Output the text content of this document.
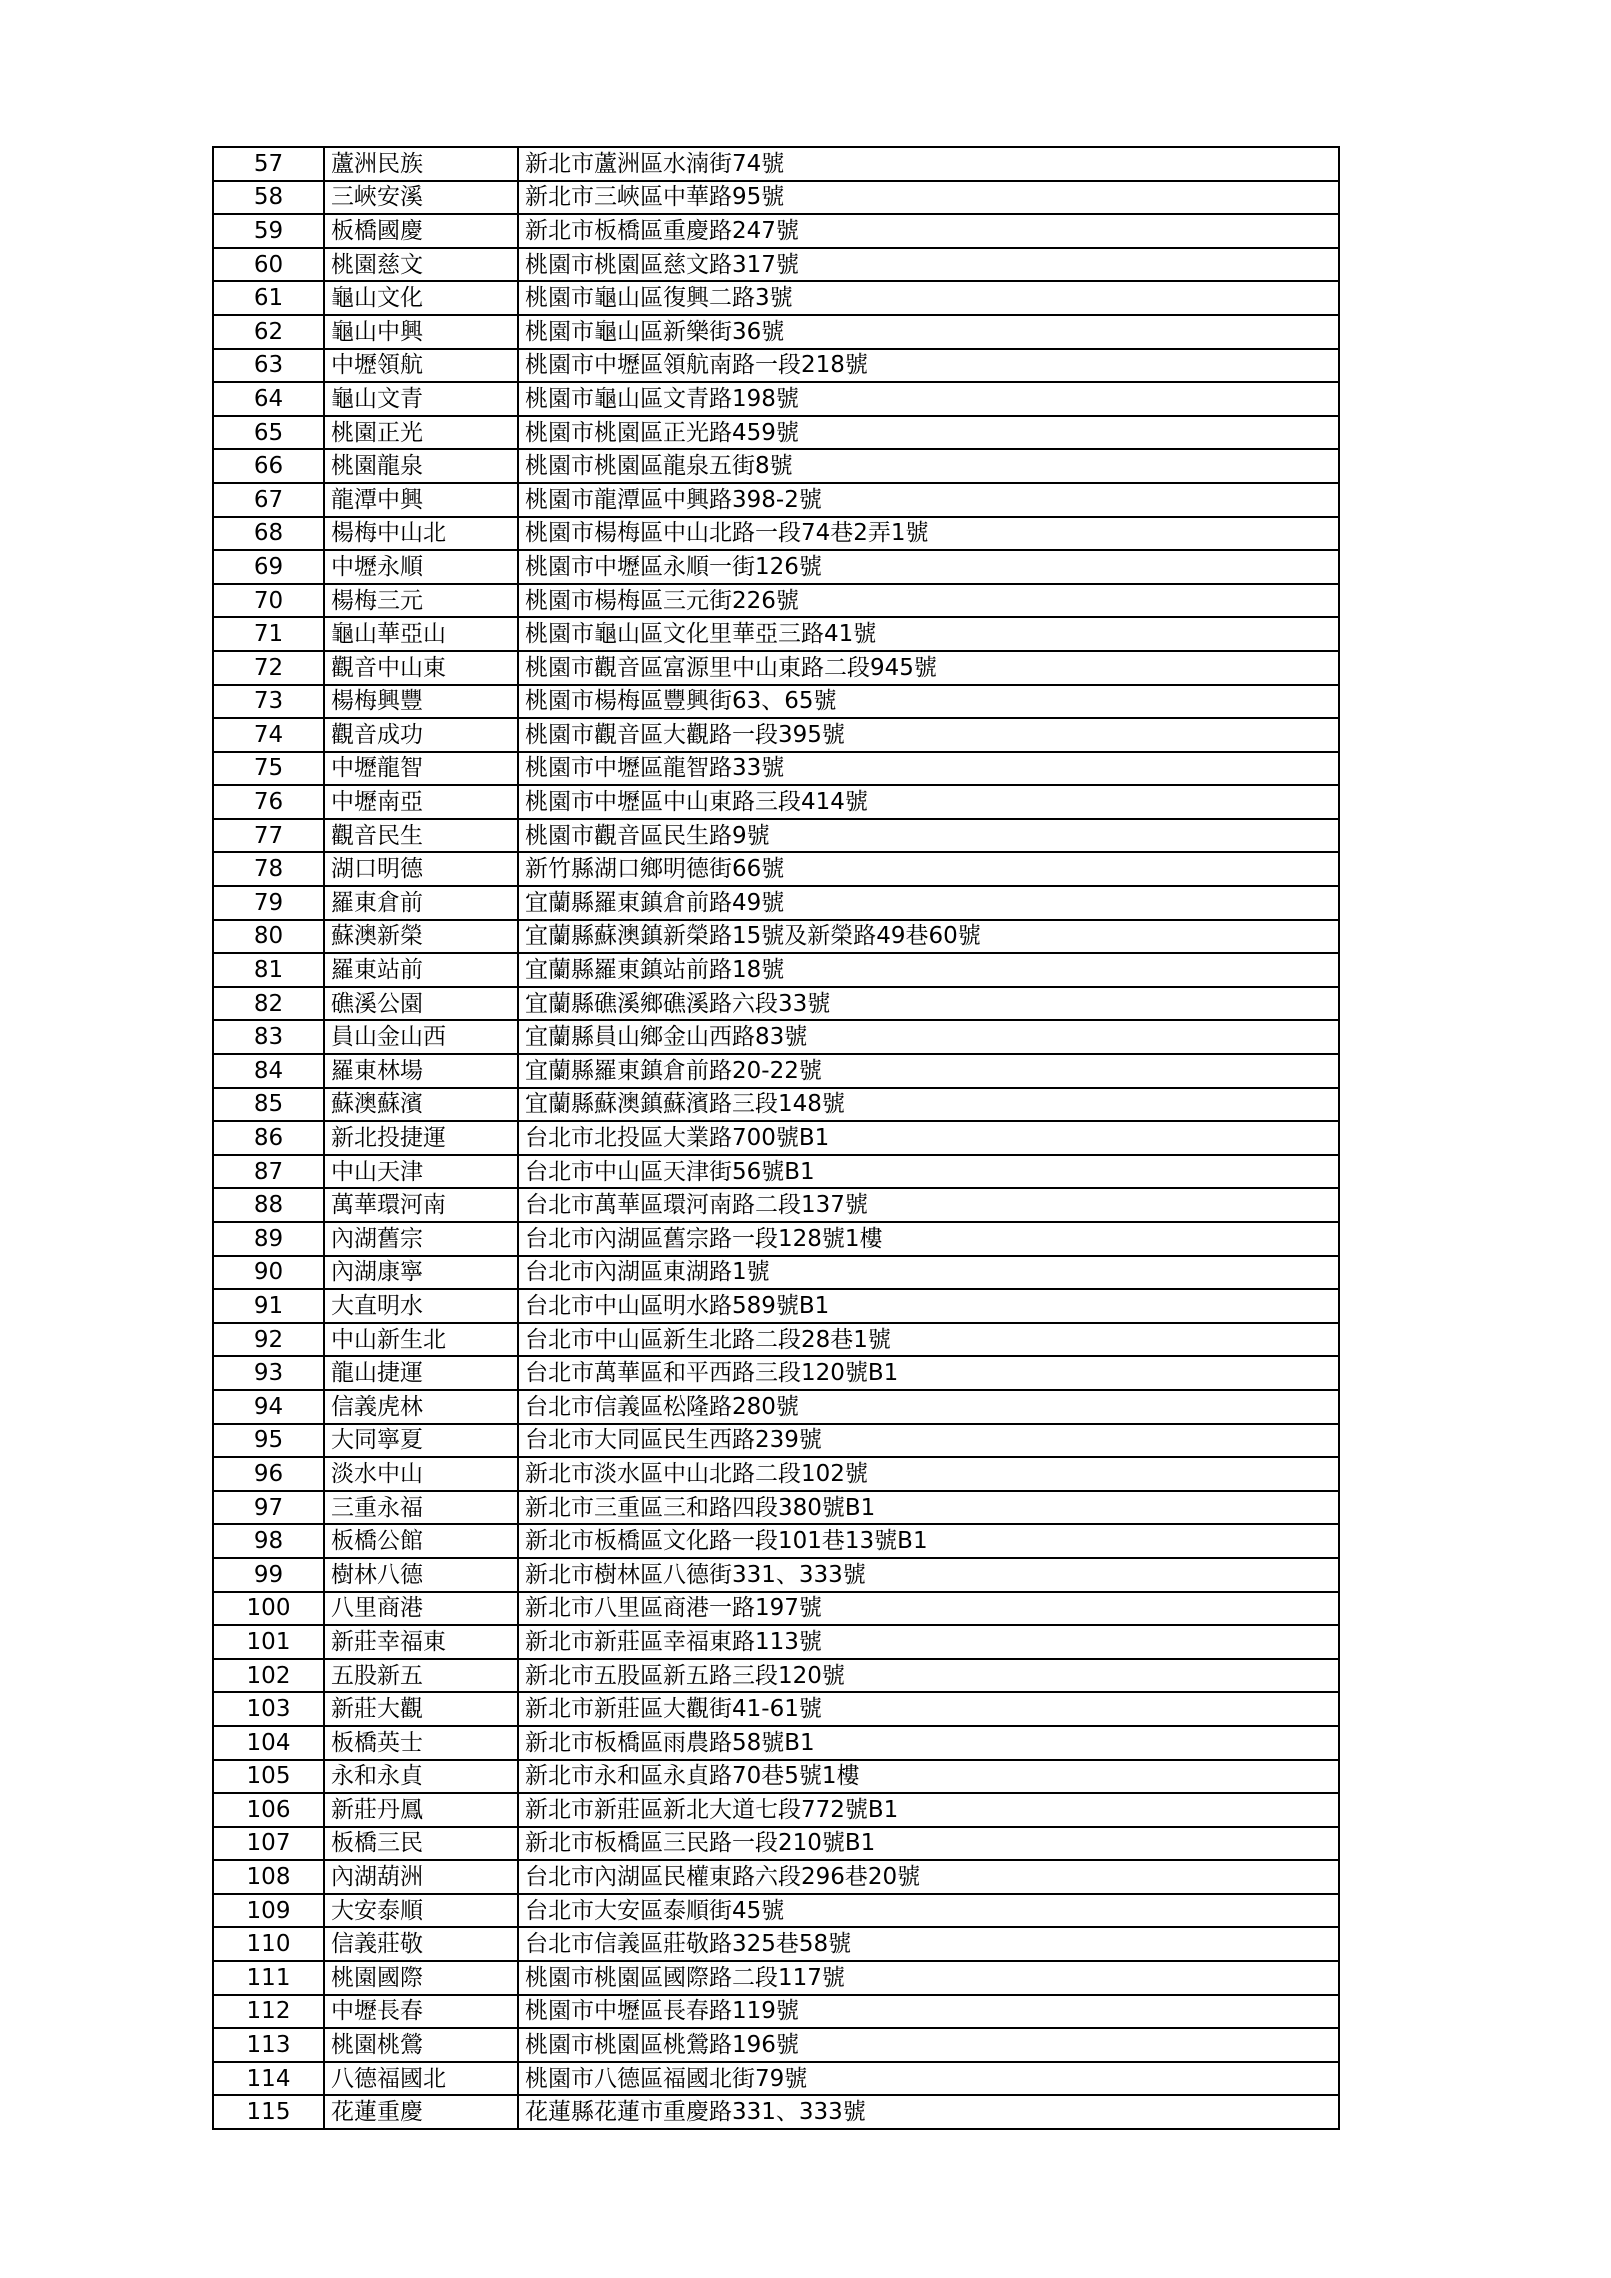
57	蘆洲民族	新北市蘆洲區水湳街74號
58	三峽安溪	新北市三峽區中華路95號
59	板橋國慶	新北市板橋區重慶路247號
60	桃園慈文	桃園市桃園區慈文路317號
61	龜山文化	桃園市龜山區復興二路3號
62	龜山中興	桃園市龜山區新樂街36號
63	中壢領航	桃園市中壢區領航南路一段218號
64	龜山文青	桃園市龜山區文青路198號
65	桃園正光	桃園市桃園區正光路459號
66	桃園龍泉	桃園市桃園區龍泉五街8號
67	龍潭中興	桃園市龍潭區中興路398-2號
68	楊梅中山北	桃園市楊梅區中山北路一段74巷2弄1號
69	中壢永順	桃園市中壢區永順一街126號
70	楊梅三元	桃園市楊梅區三元街226號
71	龜山華亞山	桃園市龜山區文化里華亞三路41號
72	觀音中山東	桃園市觀音區富源里中山東路二段945號
73	楊梅興豐	桃園市楊梅區豐興街63、65號
74	觀音成功	桃園市觀音區大觀路一段395號
75	中壢龍智	桃園市中壢區龍智路33號
76	中壢南亞	桃園市中壢區中山東路三段414號
77	觀音民生	桃園市觀音區民生路9號
78	湖口明德	新竹縣湖口鄉明德街66號
79	羅東倉前	宜蘭縣羅東鎮倉前路49號
80	蘇澳新榮	宜蘭縣蘇澳鎮新榮路15號及新榮路49巷60號
81	羅東站前	宜蘭縣羅東鎮站前路18號
82	礁溪公園	宜蘭縣礁溪鄉礁溪路六段33號
83	員山金山西	宜蘭縣員山鄉金山西路83號
84	羅東林場	宜蘭縣羅東鎮倉前路20-22號
85	蘇澳蘇濱	宜蘭縣蘇澳鎮蘇濱路三段148號
86	新北投捷運	台北市北投區大業路700號B1
87	中山天津	台北市中山區天津街56號B1
88	萬華環河南	台北市萬華區環河南路二段137號
89	內湖舊宗	台北市內湖區舊宗路一段128號1樓
90	內湖康寧	台北市內湖區東湖路1號
91	大直明水	台北市中山區明水路589號B1
92	中山新生北	台北市中山區新生北路二段28巷1號
93	龍山捷運	台北市萬華區和平西路三段120號B1
94	信義虎林	台北市信義區松隆路280號
95	大同寧夏	台北市大同區民生西路239號
96	淡水中山	新北市淡水區中山北路二段102號
97	三重永福	新北市三重區三和路四段380號B1
98	板橋公館	新北市板橋區文化路一段101巷13號B1
99	樹林八德	新北市樹林區八德街331、333號
100	八里商港	新北市八里區商港一路197號
101	新莊幸福東	新北市新莊區幸福東路113號
102	五股新五	新北市五股區新五路三段120號
103	新莊大觀	新北市新莊區大觀街41-61號
104	板橋英士	新北市板橋區雨農路58號B1
105	永和永貞	新北市永和區永貞路70巷5號1樓
106	新莊丹鳳	新北市新莊區新北大道七段772號B1
107	板橋三民	新北市板橋區三民路一段210號B1
108	內湖葫洲	台北市內湖區民權東路六段296巷20號
109	大安泰順	台北市大安區泰順街45號
110	信義莊敬	台北市信義區莊敬路325巷58號
111	桃園國際	桃園市桃園區國際路二段117號
112	中壢長春	桃園市中壢區長春路119號
113	桃園桃鶯	桃園市桃園區桃鶯路196號
114	八德福國北	桃園市八德區福國北街79號
115	花蓮重慶	花蓮縣花蓮市重慶路331、333號
